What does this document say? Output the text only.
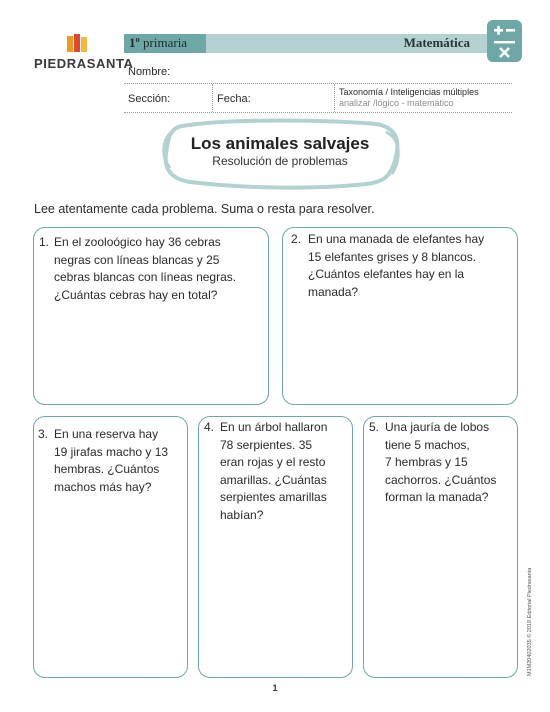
PIEDRASANTA
1º primaria	Matemática
Nombre:
Sección:	Fecha:
Taxonomía / Inteligencias múltiples
analizar /lógico - matemático
Los animales salvajes
Resolución de problemas
Lee atentamente cada problema. Suma o resta para resolver.
1. En el zooloógico hay 36 cebras
negras con líneas blancas y 25
cebras blancas con líneas negras.
¿Cuántas cebras hay en total?
2. En una manada de elefantes hay
15 elefantes grises y 8 blancos.
¿Cuántos elefantes hay en la
manada?
3. En una reserva hay
19 jirafas macho y 13
hembras. ¿Cuántos
machos más hay?
4. En un árbol hallaron
78 serpientes. 35
eran rojas y el resto
amarillas. ¿Cuántas
serpientes amarillas
habían?
5. Una jauría de lobos
tiene 5 machos,
7 hembras y 15
cachorros. ¿Cuántos
forman la manada?
1
M1M20402035 © 2018 Editorial Piedrasanta
